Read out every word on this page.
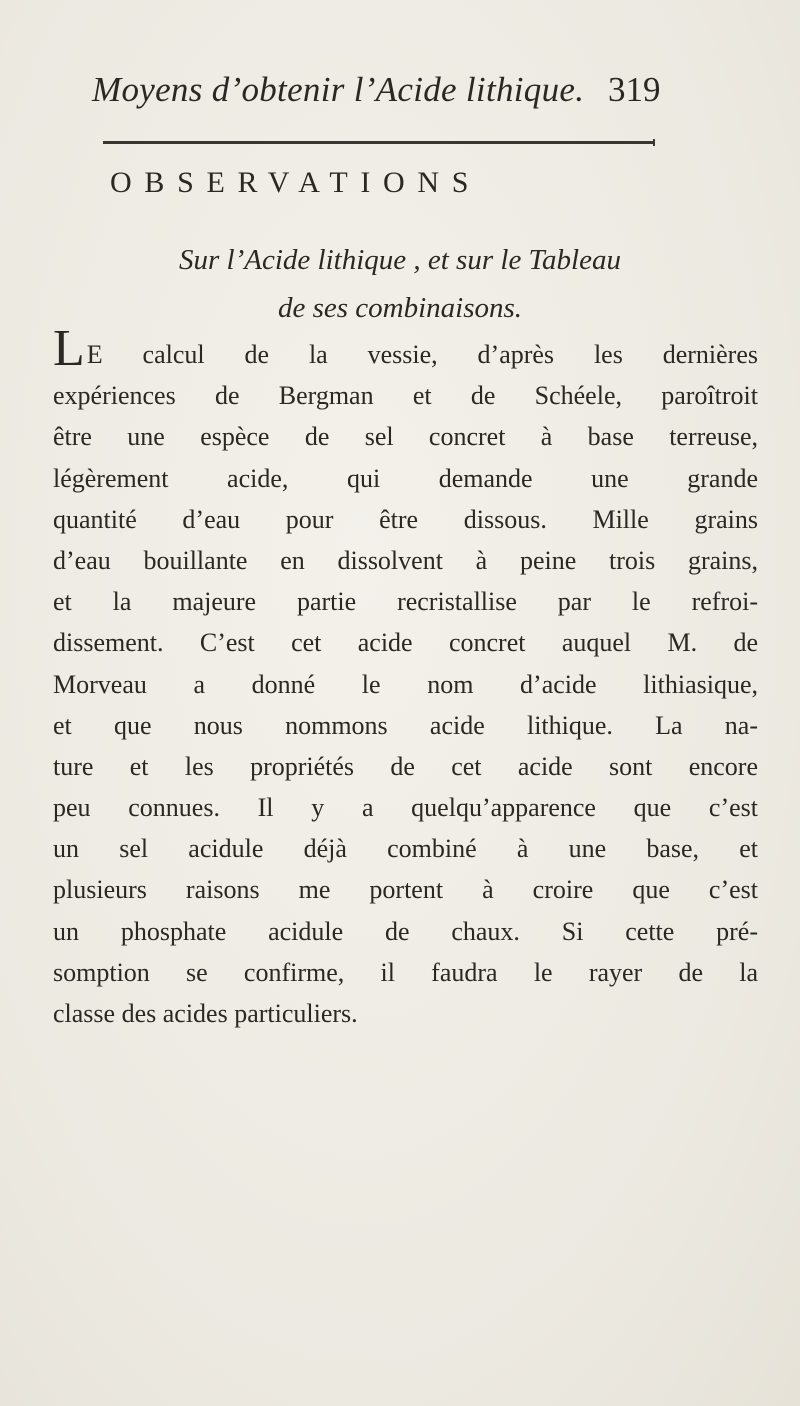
Moyens d’obtenir l’Acide lithique. 319
OBSERVATIONS
Sur l’Acide lithique , et sur le Tableau
de ses combinaisons.
L E calcul de la vessie, d’après les dernières
expériences de Bergman et de Schéele, paroîtroit
être une espèce de sel concret à base terreuse,
légèrement acide, qui demande une grande
quantité d’eau pour être dissous. Mille grains
d’eau bouillante en dissolvent à peine trois grains,
et la majeure partie recristallise par le refroi-
dissement. C’est cet acide concret auquel M. de
Morveau a donné le nom d’acide lithiasique,
et que nous nommons acide lithique. La na-
ture et les propriétés de cet acide sont encore
peu connues. Il y a quelqu’apparence que c’est
un sel acidule déjà combiné à une base, et
plusieurs raisons me portent à croire que c’est
un phosphate acidule de chaux. Si cette pré-
somption se confirme, il faudra le rayer de la
classe des acides particuliers.
